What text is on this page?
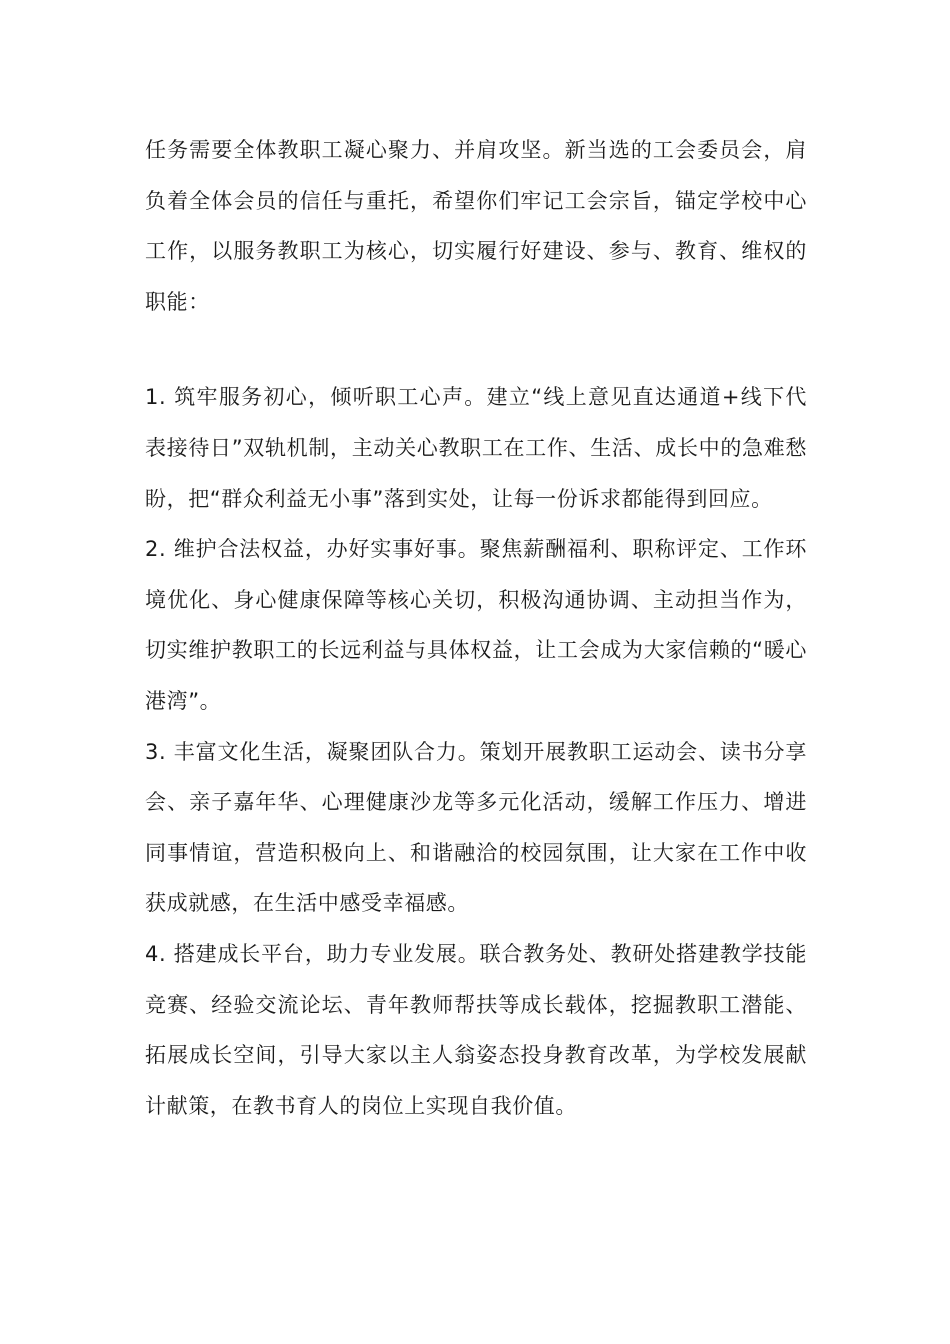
任务需要全体教职工凝心聚力、并肩攻坚。新当选的工会委员会，肩负着全体会员的信任与重托，希望你们牢记工会宗旨，锚定学校中心工作，以服务教职工为核心，切实履行好建设、参与、教育、维权的职能：

1. 筑牢服务初心，倾听职工心声。建立“线上意见直达通道+线下代表接待日”双轨机制，主动关心教职工在工作、生活、成长中的急难愁盼，把“群众利益无小事”落到实处，让每一份诉求都能得到回应。

2. 维护合法权益，办好实事好事。聚焦薪酬福利、职称评定、工作环境优化、身心健康保障等核心关切，积极沟通协调、主动担当作为，切实维护教职工的长远利益与具体权益，让工会成为大家信赖的“暖心港湾”。

3. 丰富文化生活，凝聚团队合力。策划开展教职工运动会、读书分享会、亲子嘉年华、心理健康沙龙等多元化活动，缓解工作压力、增进同事情谊，营造积极向上、和谐融洽的校园氛围，让大家在工作中收获成就感，在生活中感受幸福感。

4. 搭建成长平台，助力专业发展。联合教务处、教研处搭建教学技能竞赛、经验交流论坛、青年教师帮扶等成长载体，挖掘教职工潜能、拓展成长空间，引导大家以主人翁姿态投身教育改革，为学校发展献计献策，在教书育人的岗位上实现自我价值。
